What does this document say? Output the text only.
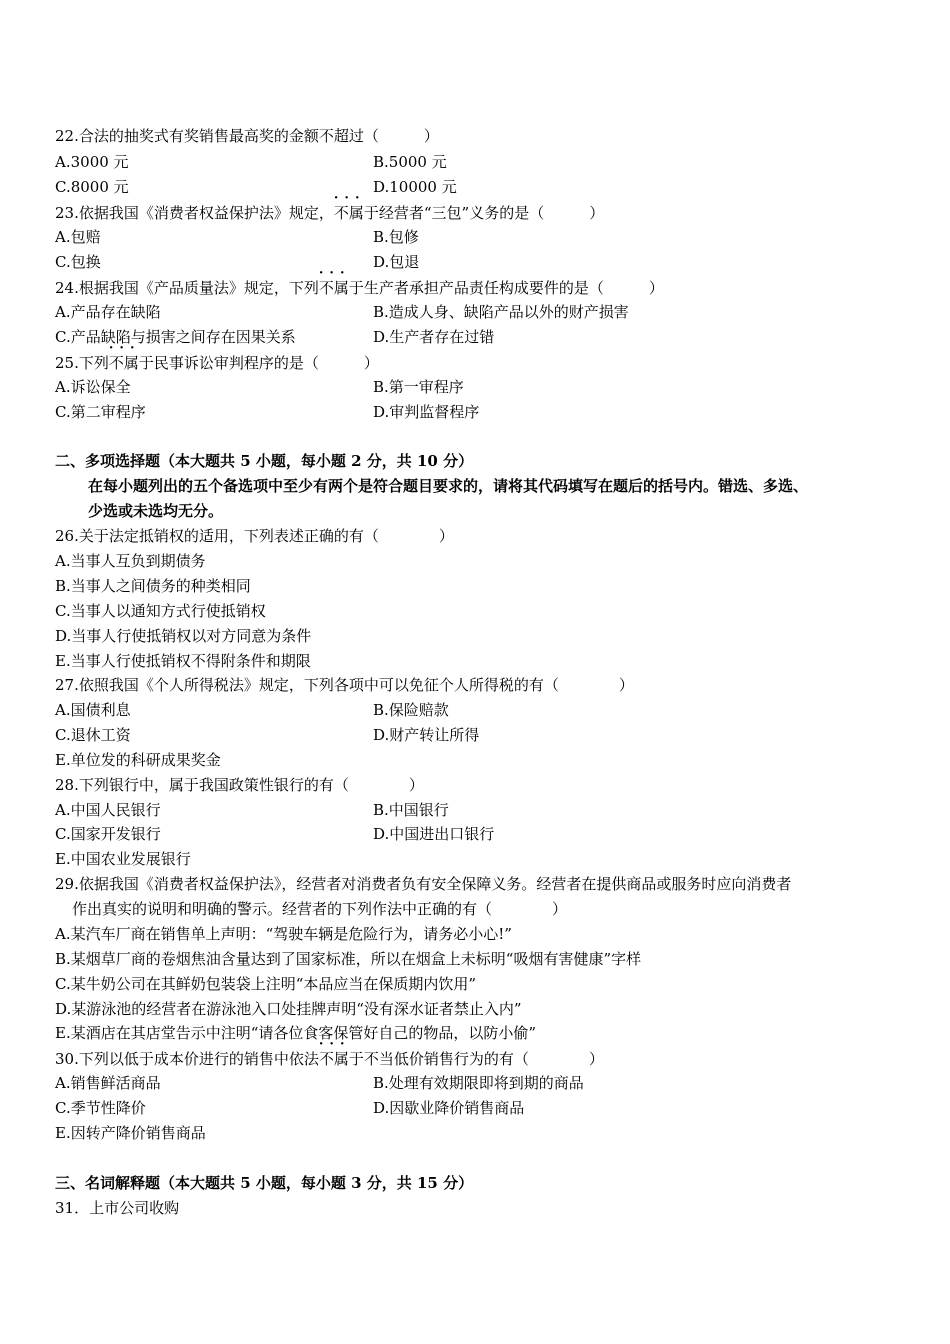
22.合法的抽奖式有奖销售最高奖的金额不超过（　　　）
A.3000 元	B.5000 元
C.8000 元	D.10000 元
23.依据我国《消费者权益保护法》规定，·  ·  · 不属于经营者“三包”义务的是（　　　）
A.包赔	B.包修
C.包换	D.包退
24.根据我国《产品质量法》规定，下列·  ·  · 不属于生产者承担产品责任构成要件的是（　　　）
A.产品存在缺陷	B.造成人身、缺陷产品以外的财产损害
C.产品缺陷与损害之间存在因果关系	D.生产者存在过错
25.下列·  ·  · 不属于民事诉讼审判程序的是（　　　）
A.诉讼保全	B.第一审程序
C.第二审程序	D.审判监督程序
二、多项选择题（本大题共 5 小题，每小题 2 分，共 10 分）
在每小题列出的五个备选项中至少有两个是符合题目要求的，请将其代码填写在题后的括号内。错选、多选、
少选或未选均无分。
26.关于法定抵销权的适用，下列表述正确的有（　　　　）
A.当事人互负到期债务
B.当事人之间债务的种类相同
C.当事人以通知方式行使抵销权
D.当事人行使抵销权以对方同意为条件
E.当事人行使抵销权不得附条件和期限
27.依照我国《个人所得税法》规定，下列各项中可以免征个人所得税的有（　　　　）
A.国债利息	B.保险赔款
C.退休工资	D.财产转让所得
E.单位发的科研成果奖金
28.下列银行中，属于我国政策性银行的有（　　　　）
A.中国人民银行	B.中国银行
C.国家开发银行	D.中国进出口银行
E.中国农业发展银行
29.依据我国《消费者权益保护法》，经营者对消费者负有安全保障义务。经营者在提供商品或服务时应向消费者
作出真实的说明和明确的警示。经营者的下列作法中正确的有（　　　　）
A.某汽车厂商在销售单上声明：“驾驶车辆是危险行为，请务必小心!”
B.某烟草厂商的卷烟焦油含量达到了国家标准，所以在烟盒上未标明“吸烟有害健康”字样
C.某牛奶公司在其鲜奶包装袋上注明“本品应当在保质期内饮用”
D.某游泳池的经营者在游泳池入口处挂牌声明“没有深水证者禁止入内”
E.某酒店在其店堂告示中注明“请各位食客保管好自己的物品，以防小偷”
30.下列以低于成本价进行的销售中依法·  ·  · 不属于不当低价销售行为的有（　　　　）
A.销售鲜活商品	B.处理有效期限即将到期的商品
C.季节性降价	D.因歇业降价销售商品
E.因转产降价销售商品
三、名词解释题（本大题共 5 小题，每小题 3 分，共 15 分）
31．上市公司收购
